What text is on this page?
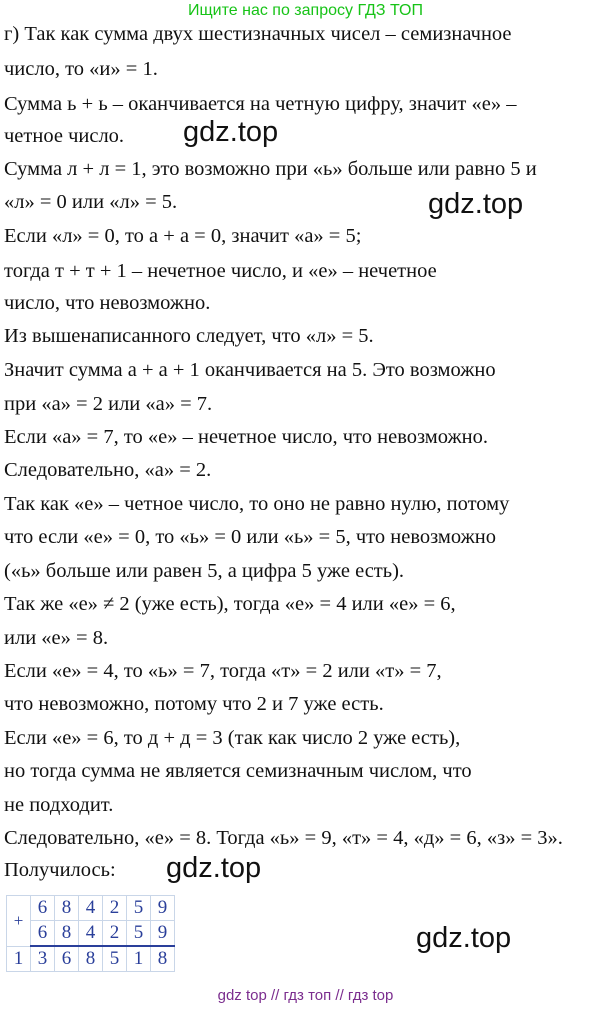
Ищите нас по запросу ГДЗ ТОП
г) Так как сумма двух шестизначных чисел – семизначное
число, то «и» = 1.
Сумма ь + ь – оканчивается на четную цифру, значит «е» –
четное число.
Сумма л + л = 1, это возможно при «ь» больше или равно 5 и
«л» = 0 или «л» = 5.
Если «л» = 0, то а + а = 0, значит «а» = 5;
тогда т + т + 1 – нечетное число, и «е» – нечетное
число, что невозможно.
Из вышенаписанного следует, что «л» = 5.
Значит сумма а + а + 1 оканчивается на 5. Это возможно
при «а» = 2 или «а» = 7.
Если «а» = 7, то «е» – нечетное число, что невозможно.
Следовательно, «а» = 2.
Так как «е» – четное число, то оно не равно нулю, потому
что если «е» = 0, то «ь» = 0 или «ь» = 5, что невозможно
(«ь» больше или равен 5, а цифра 5 уже есть).
Так же «е» ≠ 2 (уже есть), тогда «е» = 4 или «е» = 6,
или «е» = 8.
Если «е» = 4, то «ь» = 7, тогда «т» = 2 или «т» = 7,
что невозможно, потому что 2 и 7 уже есть.
Если «е» = 6, то д + д = 3 (так как число 2 уже есть),
но тогда сумма не является семизначным числом, что
не подходит.
Следовательно, «е» = 8. Тогда «ь» = 9, «т» = 4, «д» = 6, «з» = 3».
Получилось:
gdz.top
gdz.top
gdz.top
gdz.top
+	6	8	4	2	5	9
	6	8	4	2	5	9
1	3	6	8	5	1	8
gdz top // гдз топ // гдз top
